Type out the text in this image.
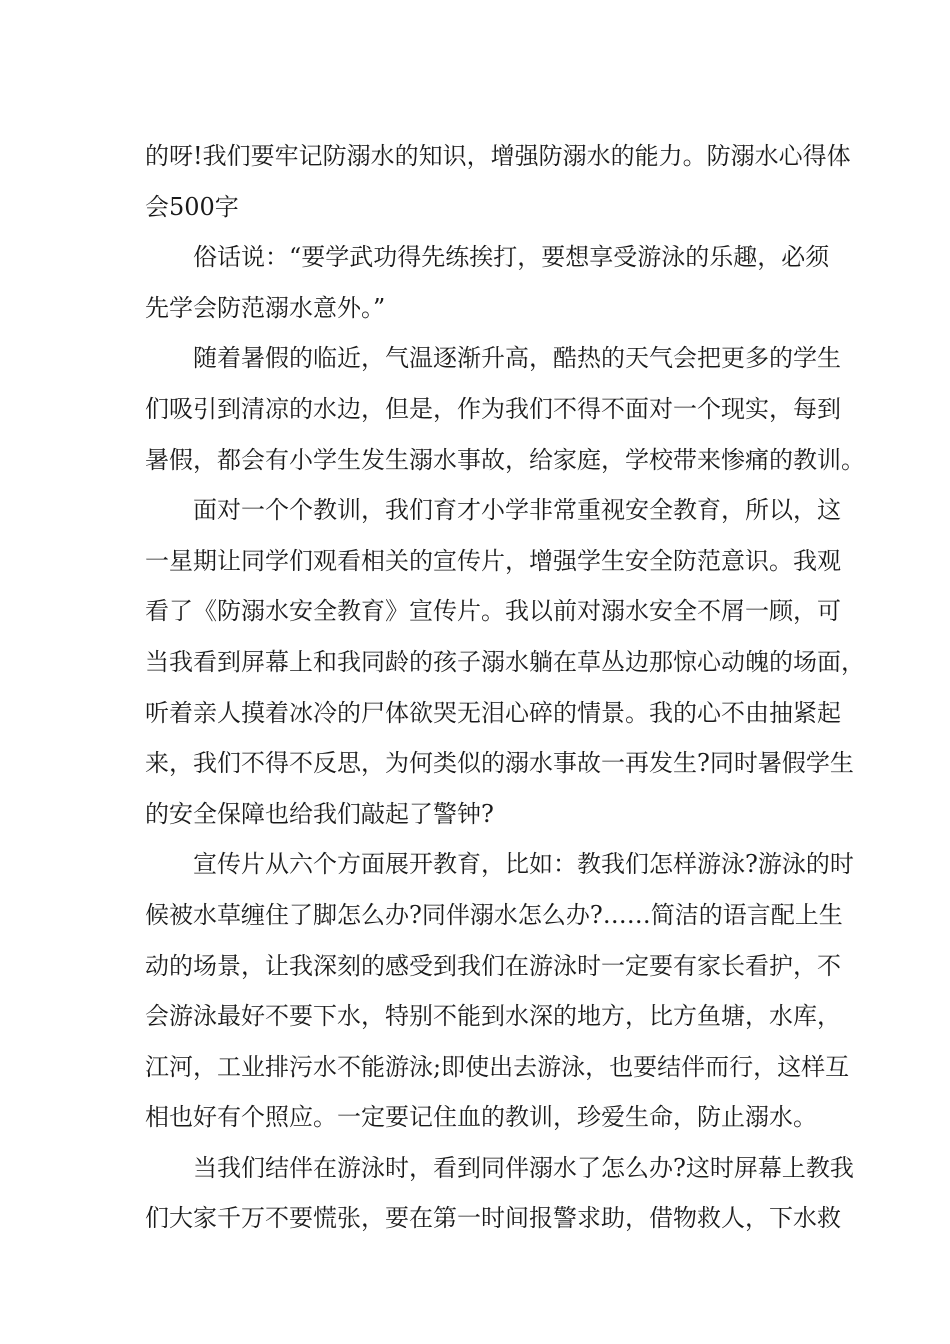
的呀!我们要牢记防溺水的知识，增强防溺水的能力。防溺水心得体
会500字
俗话说：“要学武功得先练挨打，要想享受游泳的乐趣，必须
先学会防范溺水意外。”
随着暑假的临近，气温逐渐升高，酷热的天气会把更多的学生
们吸引到清凉的水边，但是，作为我们不得不面对一个现实，每到
暑假，都会有小学生发生溺水事故，给家庭，学校带来惨痛的教训。
面对一个个教训，我们育才小学非常重视安全教育，所以，这
一星期让同学们观看相关的宣传片，增强学生安全防范意识。我观
看了《防溺水安全教育》宣传片。我以前对溺水安全不屑一顾，可
当我看到屏幕上和我同龄的孩子溺水躺在草丛边那惊心动魄的场面，
听着亲人摸着冰冷的尸体欲哭无泪心碎的情景。我的心不由抽紧起
来，我们不得不反思，为何类似的溺水事故一再发生?同时暑假学生
的安全保障也给我们敲起了警钟?
宣传片从六个方面展开教育，比如：教我们怎样游泳?游泳的时
候被水草缠住了脚怎么办?同伴溺水怎么办?……简洁的语言配上生
动的场景，让我深刻的感受到我们在游泳时一定要有家长看护，不
会游泳最好不要下水，特别不能到水深的地方，比方鱼塘，水库，
江河，工业排污水不能游泳;即使出去游泳，也要结伴而行，这样互
相也好有个照应。一定要记住血的教训，珍爱生命，防止溺水。
当我们结伴在游泳时，看到同伴溺水了怎么办?这时屏幕上教我
们大家千万不要慌张，要在第一时间报警求助，借物救人，下水救
